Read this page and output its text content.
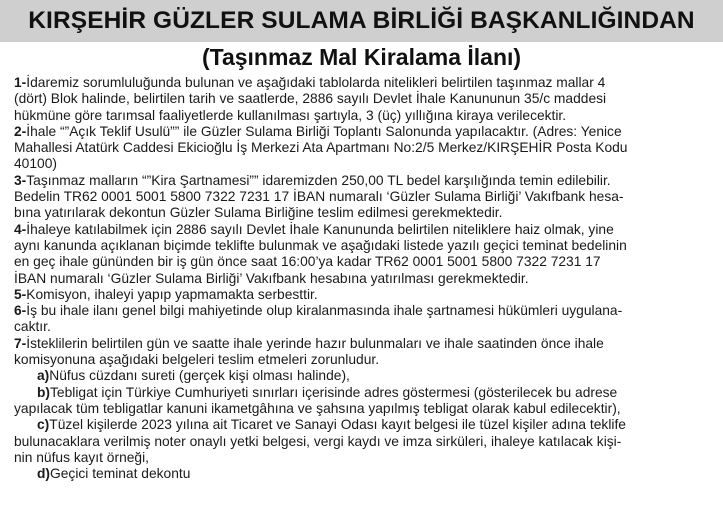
KIRŞEHİR GÜZLER SULAMA BİRLİĞİ BAŞKANLIĞINDAN
(Taşınmaz Mal Kiralama İlanı)
1-İdaremiz sorumluluğunda bulunan ve aşağıdaki tablolarda nitelikleri belirtilen taşınmaz mallar 4
(dört) Blok halinde, belirtilen tarih ve saatlerde, 2886 sayılı Devlet İhale Kanununun 35/c maddesi
hükmüne göre tarımsal faaliyetlerde kullanılması şartıyla, 3 (üç) yıllığına kiraya verilecektir.
2-İhale “”Açık Teklif Usulü”” ile Güzler Sulama Birliği Toplantı Salonunda yapılacaktır. (Adres: Yenice
Mahallesi Atatürk Caddesi Ekicioğlu İş Merkezi Ata Apartmanı No:2/5 Merkez/KIRŞEHİR Posta Kodu
40100)
3-Taşınmaz malların “”Kira Şartnamesi”” idaremizden 250,00 TL bedel karşılığında temin edilebilir.
Bedelin TR62 0001 5001 5800 7322 7231 17 İBAN numaralı ‘Güzler Sulama Birliği’ Vakıfbank hesa-
bına yatırılarak dekontun Güzler Sulama Birliğine teslim edilmesi gerekmektedir.
4-İhaleye katılabilmek için 2886 sayılı Devlet İhale Kanununda belirtilen niteliklere haiz olmak, yine
aynı kanunda açıklanan biçimde teklifte bulunmak ve aşağıdaki listede yazılı geçici teminat bedelinin
en geç ihale gününden bir iş gün önce saat 16:00’ya kadar TR62 0001 5001 5800 7322 7231 17
İBAN numaralı ‘Güzler Sulama Birliği’ Vakıfbank hesabına yatırılması gerekmektedir.
5-Komisyon, ihaleyi yapıp yapmamakta serbesttir.
6-İş bu ihale ilanı genel bilgi mahiyetinde olup kiralanmasında ihale şartnamesi hükümleri uygulana-
caktır.
7-İsteklilerin belirtilen gün ve saatte ihale yerinde hazır bulunmaları ve ihale saatinden önce ihale
komisyonuna aşağıdaki belgeleri teslim etmeleri zorunludur.
a)Nüfus cüzdanı sureti (gerçek kişi olması halinde),
b)Tebligat için Türkiye Cumhuriyeti sınırları içerisinde adres göstermesi (gösterilecek bu adrese
yapılacak tüm tebligatlar kanuni ikametgâhına ve şahsına yapılmış tebligat olarak kabul edilecektir),
c)Tüzel kişilerde 2023 yılına ait Ticaret ve Sanayi Odası kayıt belgesi ile tüzel kişiler adına teklife
bulunacaklara verilmiş noter onaylı yetki belgesi, vergi kaydı ve imza sirküleri, ihaleye katılacak kişi-
nin nüfus kayıt örneği,
d)Geçici teminat dekontu
